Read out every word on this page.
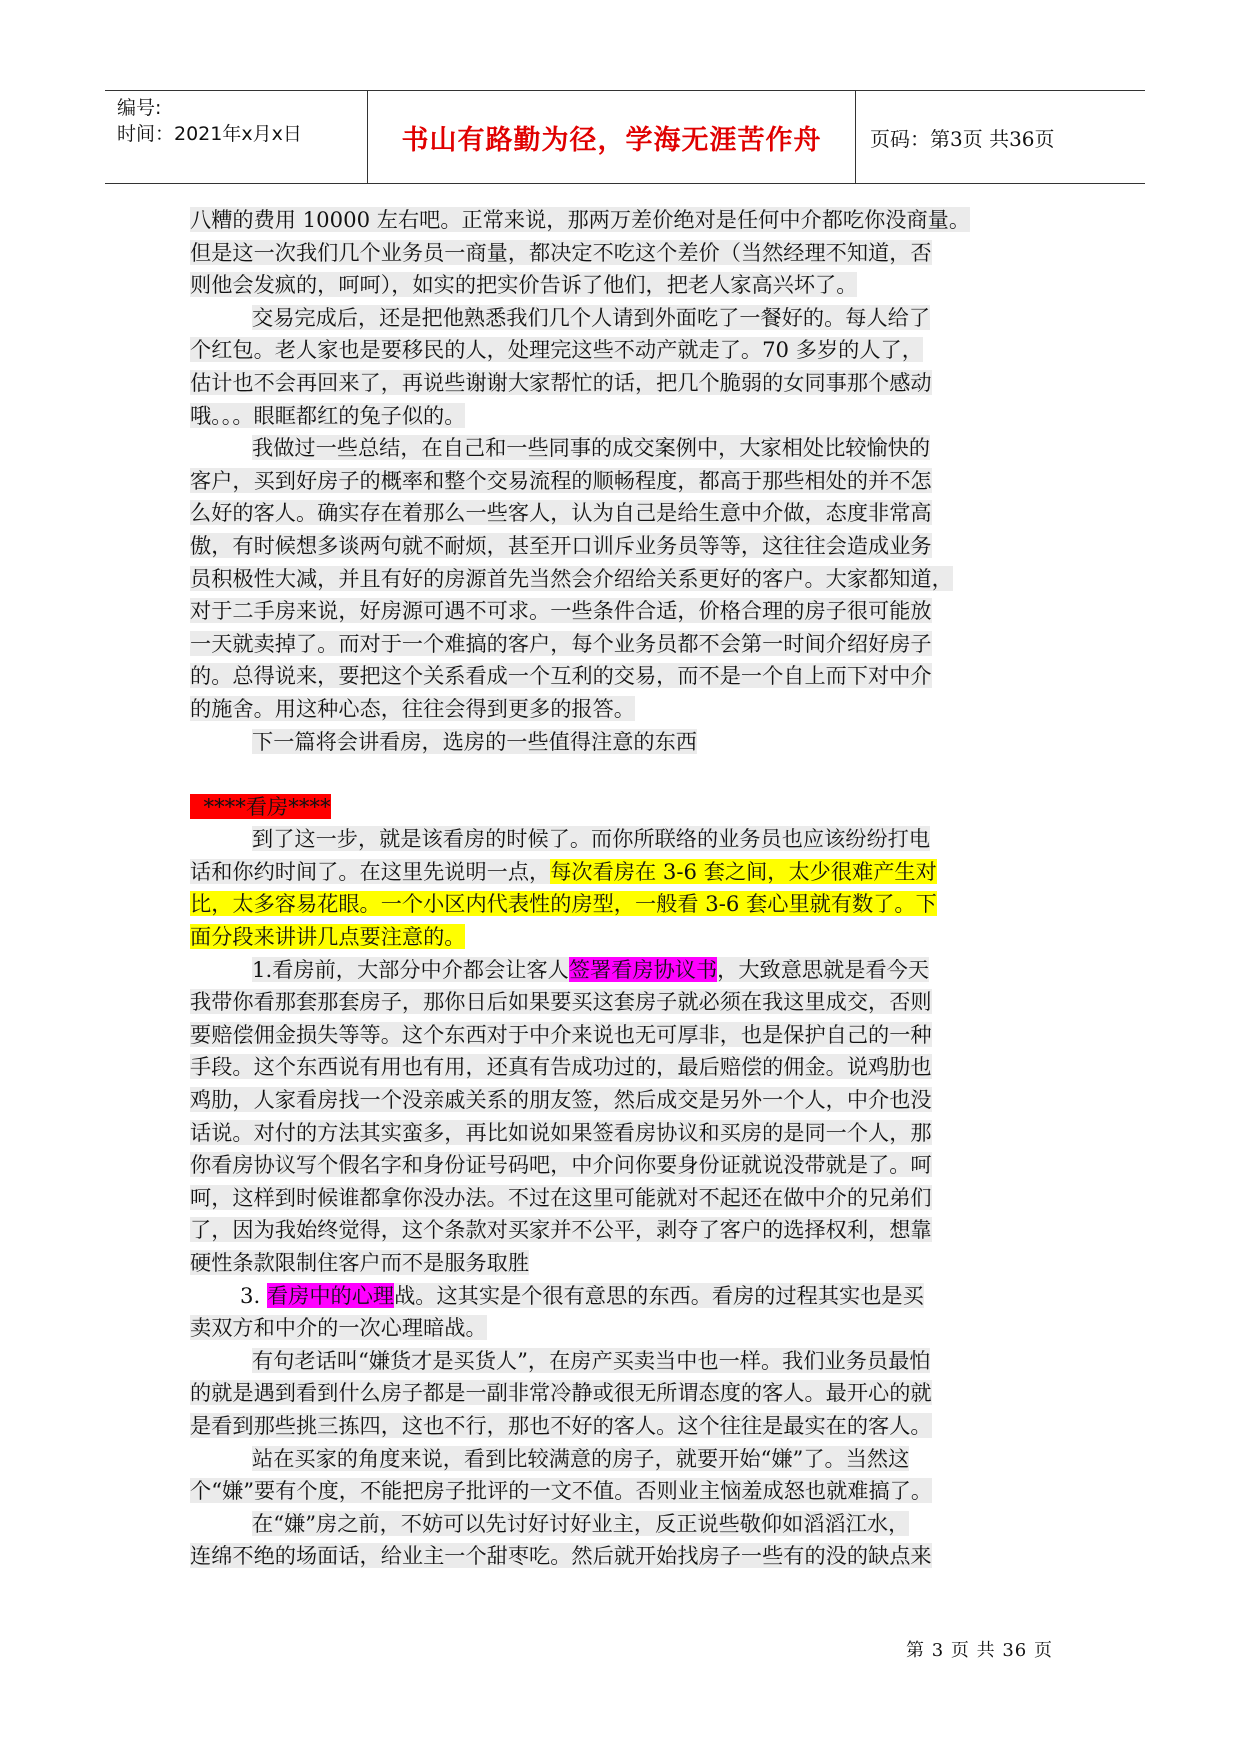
编号:
时间：2021年x月x日	书山有路勤为径，学海无涯苦作舟	页码：第3页 共36页

八糟的费用 10000 左右吧。正常来说，那两万差价绝对是任何中介都吃你没商量。
但是这一次我们几个业务员一商量，都决定不吃这个差价（当然经理不知道，否
则他会发疯的，呵呵），如实的把实价告诉了他们，把老人家高兴坏了。

交易完成后，还是把他熟悉我们几个人请到外面吃了一餐好的。每人给了

个红包。老人家也是要移民的人，处理完这些不动产就走了。70 多岁的人了，
估计也不会再回来了，再说些谢谢大家帮忙的话，把几个脆弱的女同事那个感动
哦。。。眼眶都红的兔子似的。

我做过一些总结，在自己和一些同事的成交案例中，大家相处比较愉快的

客户，买到好房子的概率和整个交易流程的顺畅程度，都高于那些相处的并不怎
么好的客人。确实存在着那么一些客人，认为自己是给生意中介做，态度非常高
傲，有时候想多谈两句就不耐烦，甚至开口训斥业务员等等，这往往会造成业务
员积极性大减，并且有好的房源首先当然会介绍给关系更好的客户。大家都知道，
对于二手房来说，好房源可遇不可求。一些条件合适，价格合理的房子很可能放
一天就卖掉了。而对于一个难搞的客户，每个业务员都不会第一时间介绍好房子
的。总得说来，要把这个关系看成一个互利的交易，而不是一个自上而下对中介
的施舍。用这种心态，往往会得到更多的报答。

下一篇将会讲看房，选房的一些值得注意的东西

****看房****

到了这一步，就是该看房的时候了。而你所联络的业务员也应该纷纷打电

话和你约时间了。在这里先说明一点，每次看房在 3-6 套之间，太少很难产生对
比，太多容易花眼。一个小区内代表性的房型，一般看 3-6 套心里就有数了。下
面分段来讲讲几点要注意的。

1.看房前，大部分中介都会让客人签署看房协议书，大致意思就是看今天

我带你看那套那套房子，那你日后如果要买这套房子就必须在我这里成交，否则
要赔偿佣金损失等等。这个东西对于中介来说也无可厚非，也是保护自己的一种
手段。这个东西说有用也有用，还真有告成功过的，最后赔偿的佣金。说鸡肋也
鸡肋，人家看房找一个没亲戚关系的朋友签，然后成交是另外一个人，中介也没
话说。对付的方法其实蛮多，再比如说如果签看房协议和买房的是同一个人，那
你看房协议写个假名字和身份证号码吧，中介问你要身份证就说没带就是了。呵
呵，这样到时候谁都拿你没办法。不过在这里可能就对不起还在做中介的兄弟们
了，因为我始终觉得，这个条款对买家并不公平，剥夺了客户的选择权利，想靠
硬性条款限制住客户而不是服务取胜

3. 看房中的心理战。这其实是个很有意思的东西。看房的过程其实也是买

卖双方和中介的一次心理暗战。

有句老话叫“嫌货才是买货人”，在房产买卖当中也一样。我们业务员最怕

的就是遇到看到什么房子都是一副非常冷静或很无所谓态度的客人。最开心的就
是看到那些挑三拣四，这也不行，那也不好的客人。这个往往是最实在的客人。

站在买家的角度来说，看到比较满意的房子，就要开始“嫌”了。当然这

个“嫌”要有个度，不能把房子批评的一文不值。否则业主恼羞成怒也就难搞了。

在“嫌”房之前，不妨可以先讨好讨好业主，反正说些敬仰如滔滔江水，

连绵不绝的场面话，给业主一个甜枣吃。然后就开始找房子一些有的没的缺点来

第 3 页 共 36 页
